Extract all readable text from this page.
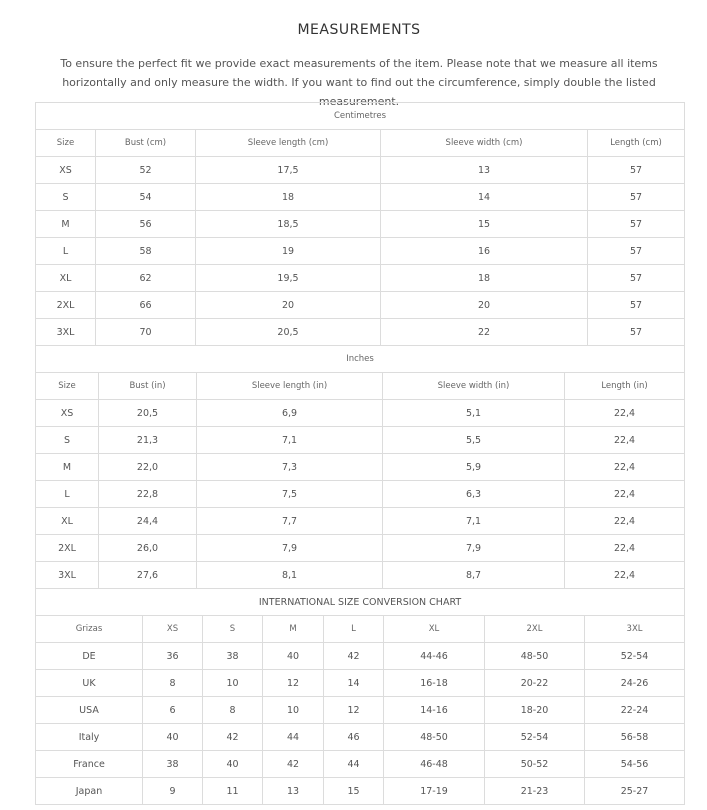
MEASUREMENTS

To ensure the perfect fit we provide exact measurements of the item. Please note that we measure all items horizontally and only measure the width. If you want to find out the circumference, simply double the listed measurement.

Centimetres				
Size	Bust (cm)	Sleeve length (cm)	Sleeve width (cm)	Length (cm)
XS	52	17,5	13	57
S	54	18	14	57
M	56	18,5	15	57
L	58	19	16	57
XL	62	19,5	18	57
2XL	66	20	20	57
3XL	70	20,5	22	57
Inches				
Size	Bust (in)	Sleeve length (in)	Sleeve width (in)	Length (in)
XS	20,5	6,9	5,1	22,4
S	21,3	7,1	5,5	22,4
M	22,0	7,3	5,9	22,4
L	22,8	7,5	6,3	22,4
XL	24,4	7,7	7,1	22,4
2XL	26,0	7,9	7,9	22,4
3XL	27,6	8,1	8,7	22,4
INTERNATIONAL SIZE CONVERSION CHART							
Grizas	XS	S	M	L	XL	2XL	3XL
DE	36	38	40	42	44-46	48-50	52-54
UK	8	10	12	14	16-18	20-22	24-26
USA	6	8	10	12	14-16	18-20	22-24
Italy	40	42	44	46	48-50	52-54	56-58
France	38	40	42	44	46-48	50-52	54-56
Japan	9	11	13	15	17-19	21-23	25-27
